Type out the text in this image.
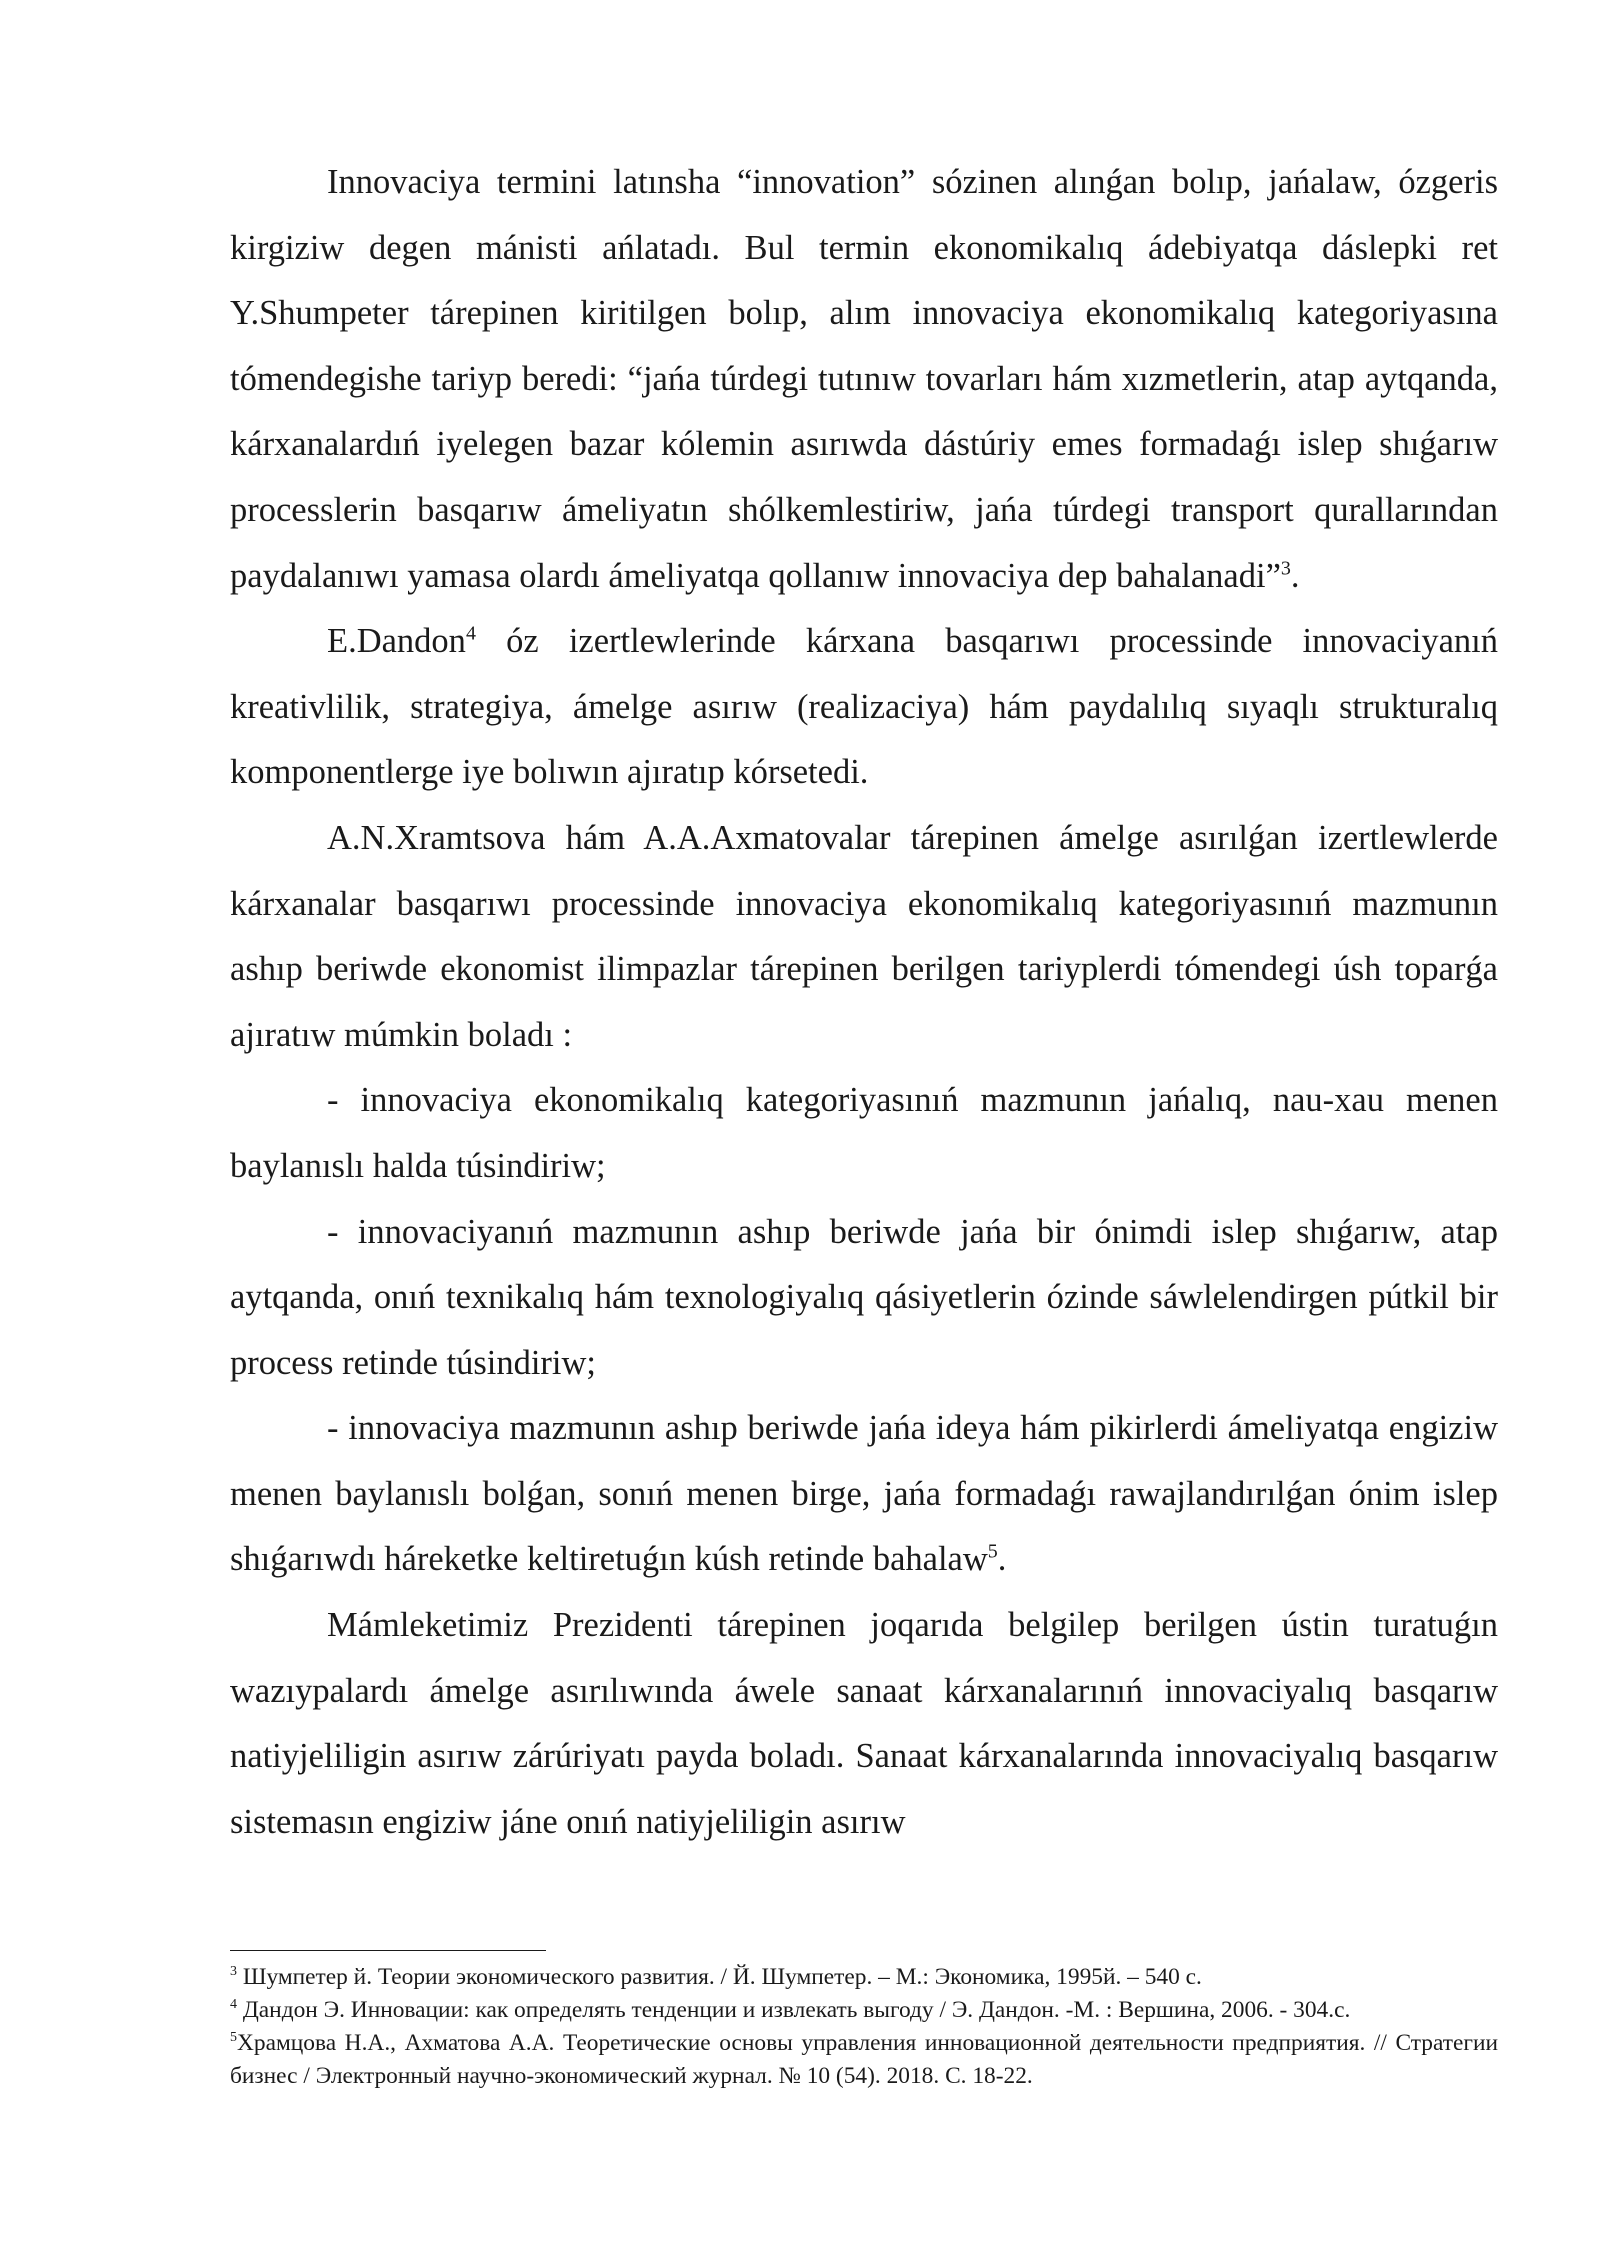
Innovaciya termini latınsha “innovation” sózinen alınǵan bolıp, jańalaw, ózgeris kirgiziw degen mánisti ańlatadı. Bul termin ekonomikalıq ádebiyatqa dáslepki ret Y.Shumpeter tárepinen kiritilgen bolıp, alım innovaciya ekonomikalıq kategoriyasına tómendegishe tariyp beredi: “jańa túrdegi tutınıw tovarları hám xızmetlerin, atap aytqanda, kárxanalardıń iyelegen bazar kólemin asırıwda dástúriy emes formadaǵı islep shıǵarıw processlerin basqarıw ámeliyatın shólkemlestiriw, jańa túrdegi transport qurallarından paydalanıwı yamasa olardı ámeliyatqa qollanıw innovaciya dep bahalanadi”$^3$.

E.Dandon$^4$ óz izertlewlerinde kárxana basqarıwı processinde innovaciyanıń kreativlilik, strategiya, ámelge asırıw (realizaciya) hám paydalılıq sıyaqlı strukturalıq komponentlerge iye bolıwın ajıratıp kórsetedi.

A.N.Xramtsova hám A.A.Axmatovalar tárepinen ámelge asırılǵan izertlewlerde kárxanalar basqarıwı processinde innovaciya ekonomikalıq kategoriyasınıń mazmunın ashıp beriwde ekonomist ilimpazlar tárepinen berilgen tariyplerdi tómendegi úsh toparǵa ajıratıw múmkin boladı :

- innovaciya ekonomikalıq kategoriyasınıń mazmunın jańalıq, nau-xau menen baylanıslı halda túsindiriw;

- innovaciyanıń mazmunın ashıp beriwde jańa bir ónimdi islep shıǵarıw, atap aytqanda, onıń texnikalıq hám texnologiyalıq qásiyetlerin ózinde sáwlelendirgen pútkil bir process retinde túsindiriw;

- innovaciya mazmunın ashıp beriwde jańa ideya hám pikirlerdi ámeliyatqa engiziw menen baylanıslı bolǵan, sonıń menen birge, jańa formadaǵı rawajlandırılǵan ónim islep shıǵarıwdı háreketke keltiretuǵın kúsh retinde bahalaw$^5$.

Mámleketimiz Prezidenti tárepinen joqarıda belgilep berilgen ústin turatuǵın wazıypalardı ámelge asırılıwında áwele sanaat kárxanalarınıń innovaciyalıq basqarıw natiyjeliligin asırıw zárúriyatı payda boladı. Sanaat kárxanalarında innovaciyalıq basqarıw sistemasın engiziw jáne onıń natiyjeliligin asırıw

$^3$ Шумпетер й. Теории экономического развития. / Й. Шумпетер. – М.: Экономика, 1995й. – 540 с.

$^4$ Дандон Э. Инновации: как определять тенденции и извлекать выгоду / Э. Дандон. -М. : Вершина, 2006. - 304.с.

$^5$Храмцова Н.А., Ахматова А.А. Теоретические основы управления инновационной деятельности предприятия. // Стратегии бизнес / Электронный научно-экономический журнал. № 10 (54). 2018. С. 18-22.
